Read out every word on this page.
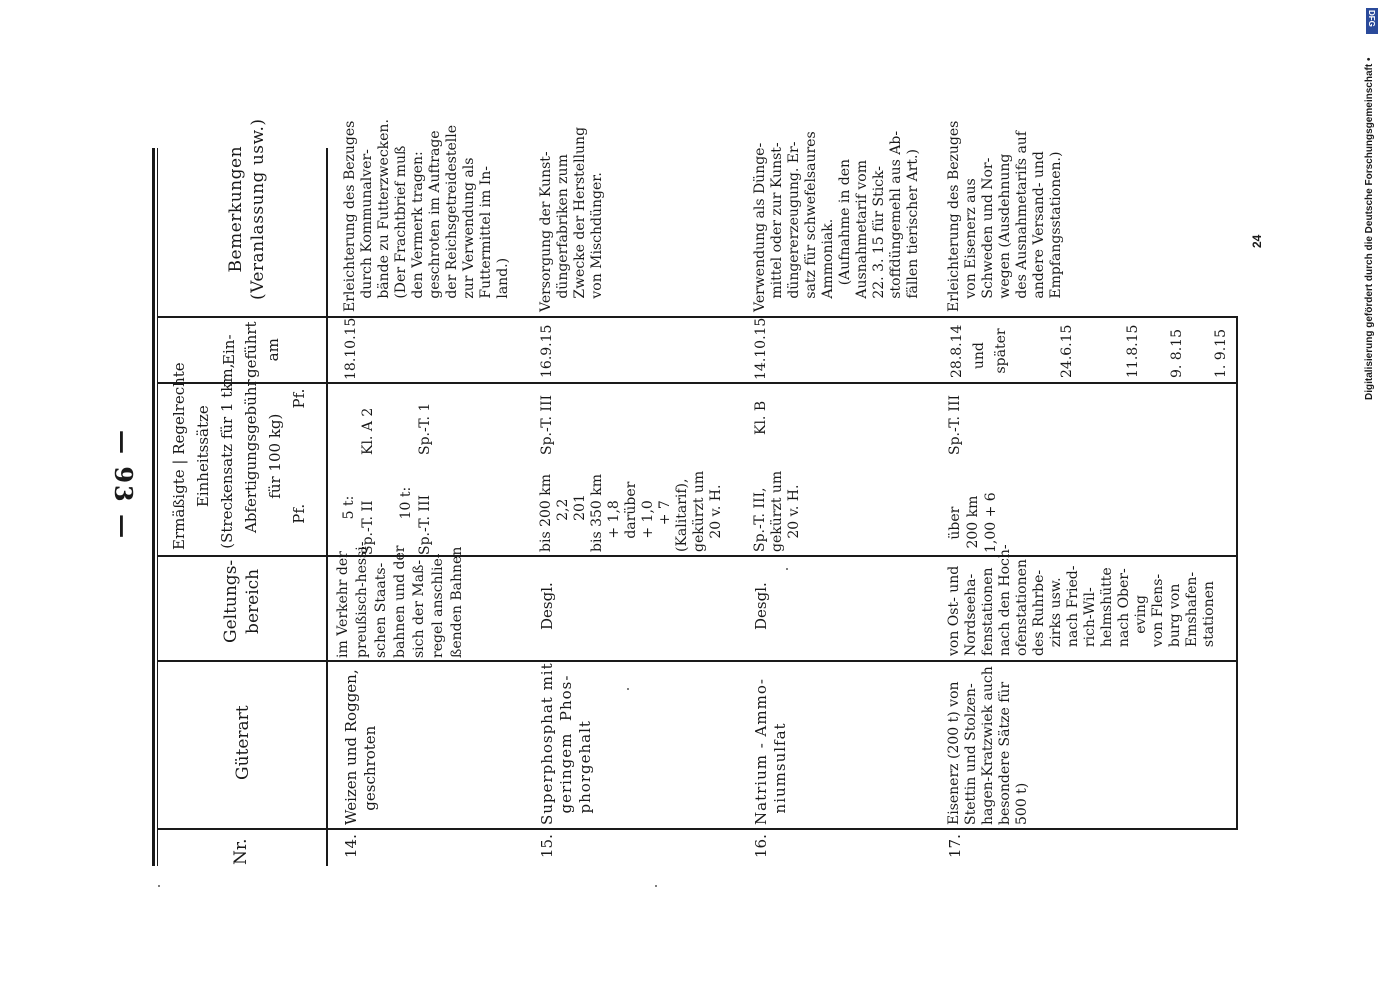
— 93 —
Nr.
Güterart
Geltungs-
bereich
Ermäßigte | Regelrechte
Einheitssätze
(Streckensatz für 1 tkm,
Abfertigungsgebühr
für 100 kg)
Pf.                    Pf.
Ein-
geführt
am
Bemerkungen
(Veranlassung usw.)
14.
Weizen und Roggen,
geschroten
im Verkehr der
preußisch-hessi-
schen Staats-
bahnen und der
sich der Maß-
regel anschlie-
ßenden Bahnen
5 t:
Sp.-T. II

10 t:
Sp.-T. III

Kl. A 2

Sp.-T. 1
18.10.15
Erleichterung des Bezuges
durch Kommunalver-
bände zu Futterzwecken.
(Der Frachtbrief muß
den Vermerk tragen:
geschroten im Auftrage
der Reichsgetreidestelle
zur Verwendung als
Futtermittel im In-
land.)
15.
Superphosphat mit
geringem  Phos-
phorgehalt
Desgl.
bis 200 km
2,2
201
bis 350 km
+ 1,8
darüber
+ 1,0
+ 7
(Kalitarif),
gekürzt um
20 v. H.
Sp.-T. III
16.9.15
Versorgung der Kunst-
düngerfabriken zum
Zwecke der Herstellung
von Mischdünger.
16.
Natrium - Ammo-
niumsulfat
Desgl.
Sp.-T. III,
gekürzt um
20 v. H.
Kl. B
14.10.15
Verwendung als Dünge-
mittel oder zur Kunst-
düngererzeugung. Er-
satz für schwefelsaures
Ammoniak.
(Aufnahme in den
Ausnahmetarif vom
22. 3. 15 für Stick-
stoffdüngemehl aus Ab-
fällen tierischer Art.)
17.
Eisenerz (200 t) von
Stettin und Stolzen-
hagen-Kratzwiek auch
besondere Sätze für
500 t)
von Ost- und
Nordseeha-
fenstationen
nach den Hoch-
ofenstationen
des Ruhrbe-
zirks usw.
nach Fried-
rich-Wil-
helmshütte
nach Ober-
eving
von Flens-
burg von
Emshafen-
stationen
über
200 km
1,00 + 6
Sp.-T. III
28.8.14
und
später

24.6.15

11.8.15

9. 8.15

1. 9.15
Erleichterung des Bezuges
von Eisenerz aus
Schweden und Nor-
wegen (Ausdehnung
des Ausnahmetarifs auf
andere Versand- und
Empfangsstationen.)	24	Digitalisierung gefördert durch die Deutsche Forschungsgemeinschaft •
DFG
